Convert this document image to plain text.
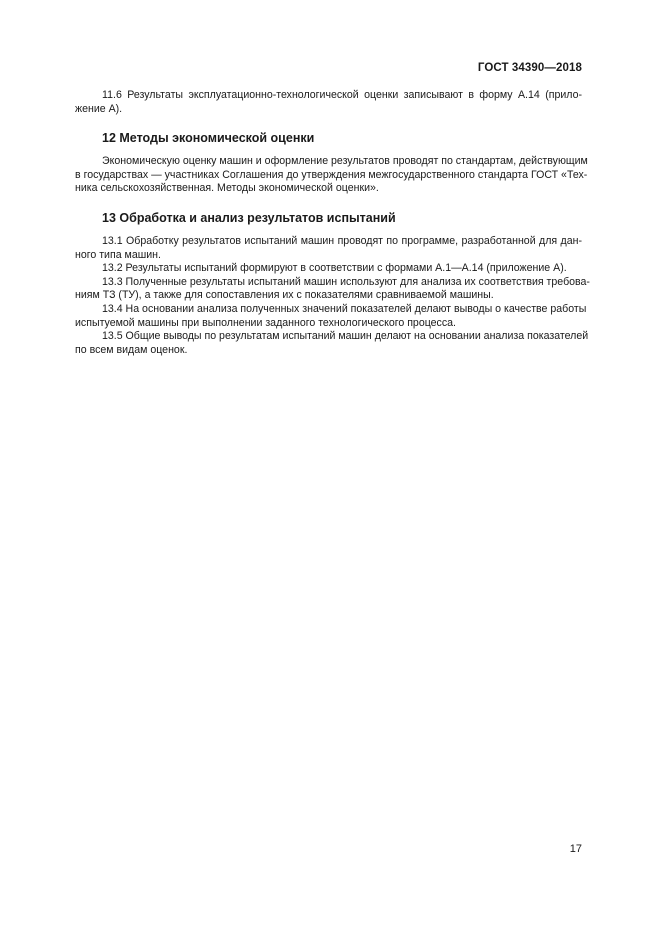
ГОСТ 34390—2018

11.6 Результаты эксплуатационно-технологической оценки записывают в форму А.14 (прило-
жение А).

12 Методы экономической оценки

Экономическую оценку машин и оформление результатов проводят по стандартам, действующим
в государствах — участниках Соглашения до утверждения межгосударственного стандарта ГОСТ «Тех-
ника сельскохозяйственная. Методы экономической оценки».

13 Обработка и анализ результатов испытаний

13.1 Обработку результатов испытаний машин проводят по программе, разработанной для дан-
ного типа машин.

13.2 Результаты испытаний формируют в соответствии с формами А.1—А.14 (приложение А).

13.3 Полученные результаты испытаний машин используют для анализа их соответствия требова-
ниям ТЗ (ТУ), а также для сопоставления их с показателями сравниваемой машины.

13.4 На основании анализа полученных значений показателей делают выводы о качестве работы
испытуемой машины при выполнении заданного технологического процесса.

13.5 Общие выводы по результатам испытаний машин делают на основании анализа показателей
по всем видам оценок.

17
